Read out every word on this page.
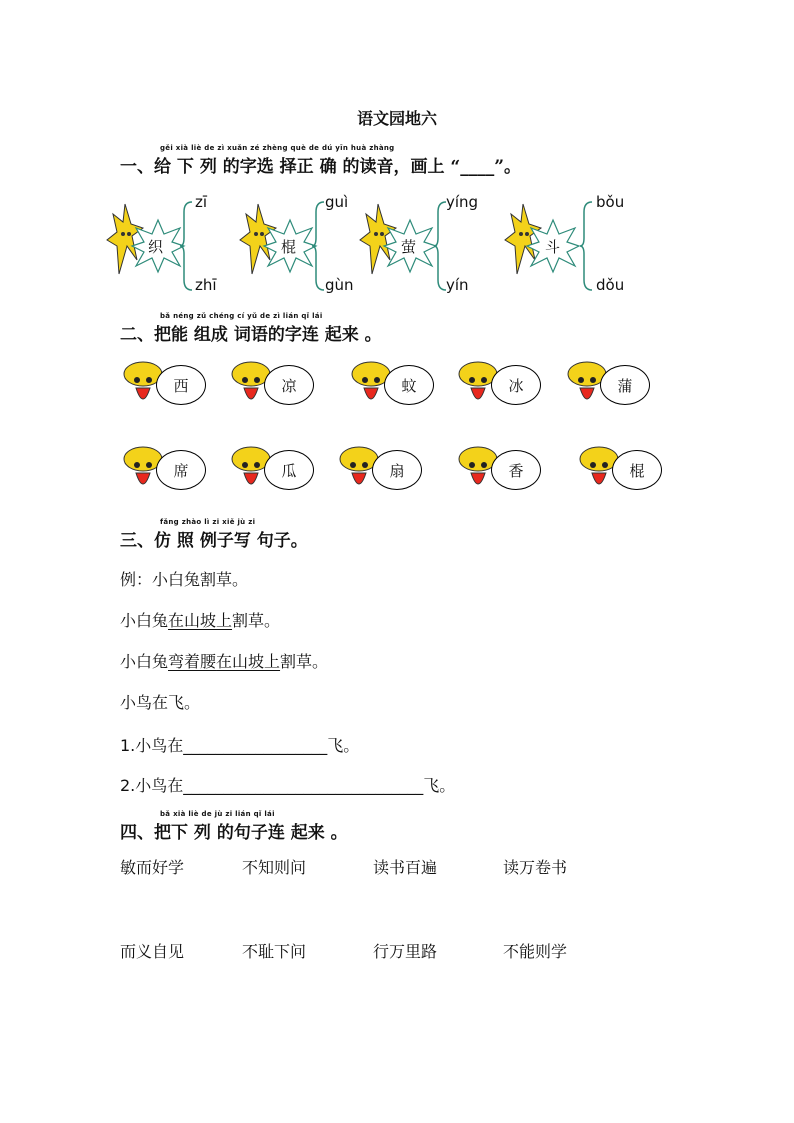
语文园地六
gěi xià liè de zì xuǎn zé zhèng què de dú yīn huà zhàng
一、给 下 列 的字选 择正 确 的读音，画上 “____”。
织
zī
zhī
棍
guì
gùn
萤
yíng
yín
斗
bǒu
dǒu
bǎ néng zǔ chéng cí yǔ de zì lián qǐ lái
二、把能 组成 词语的字连 起来 。
西	凉	蚊	冰	蒲
席	瓜	扇	香	棍
fǎng zhào lì zi xiě jù zi
三、仿 照 例子写 句子。
例：小白兔割草。
小白兔在山坡上割草。
小白兔弯着腰在山坡上割草。
小鸟在飞。
1.小鸟在__________________飞。
2.小鸟在______________________________飞。
bǎ xià liè de jù zi lián qǐ lái
四、把下 列 的句子连 起来 。
敏而好学	不知则问	读书百遍	读万卷书
而义自见	不耻下问	行万里路	不能则学
